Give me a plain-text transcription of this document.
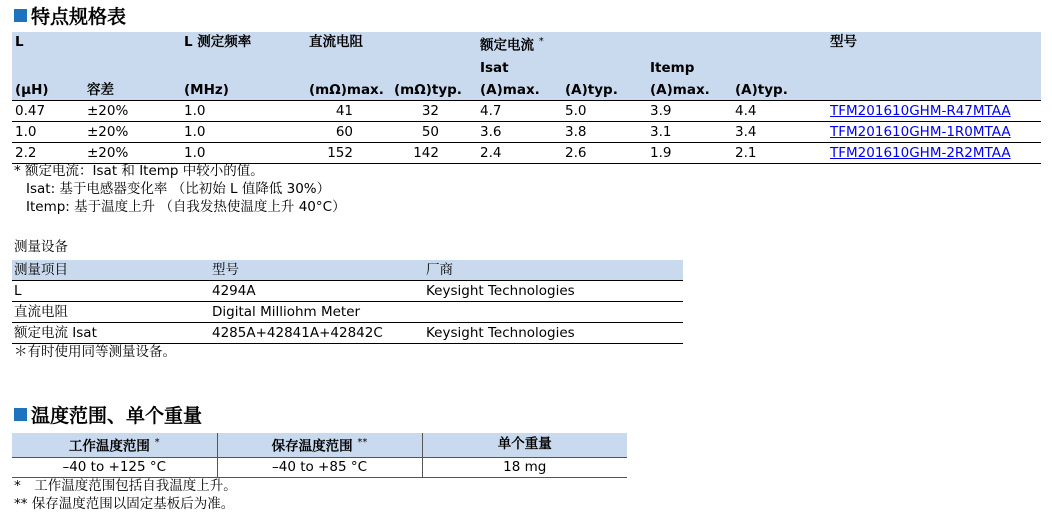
特点规格表
L		L 测定频率	直流电阻		额定电流 *				型号
					Isat		Itemp		
(μH)	容差	(MHz)	(mΩ)max.	(mΩ)typ.	(A)max.	(A)typ.	(A)max.	(A)typ.	
0.47	±20%	1.0	41	32	4.7	5.0	3.9	4.4	TFM201610GHM-R47MTAA
1.0	±20%	1.0	60	50	3.6	3.8	3.1	3.4	TFM201610GHM-1R0MTAA
2.2	±20%	1.0	152	142	2.4	2.6	1.9	2.1	TFM201610GHM-2R2MTAA
* 额定电流：Isat 和 Itemp 中较小的值。
Isat: 基于电感器变化率 （比初始 L 值降低 30%）
Itemp: 基于温度上升 （自我发热使温度上升 40°C）
测量设备
测量项目	型号	厂商
L	4294A	Keysight Technologies
直流电阻	Digital Milliohm Meter	
额定电流 Isat	4285A+42841A+42842C	Keysight Technologies
＊有时使用同等测量设备。
温度范围、单个重量
工作温度范围 *	保存温度范围 **	单个重量
–40 to +125 °C	–40 to +85 °C	18 mg
*　工作温度范围包括自我温度上升。
** 保存温度范围以固定基板后为准。
